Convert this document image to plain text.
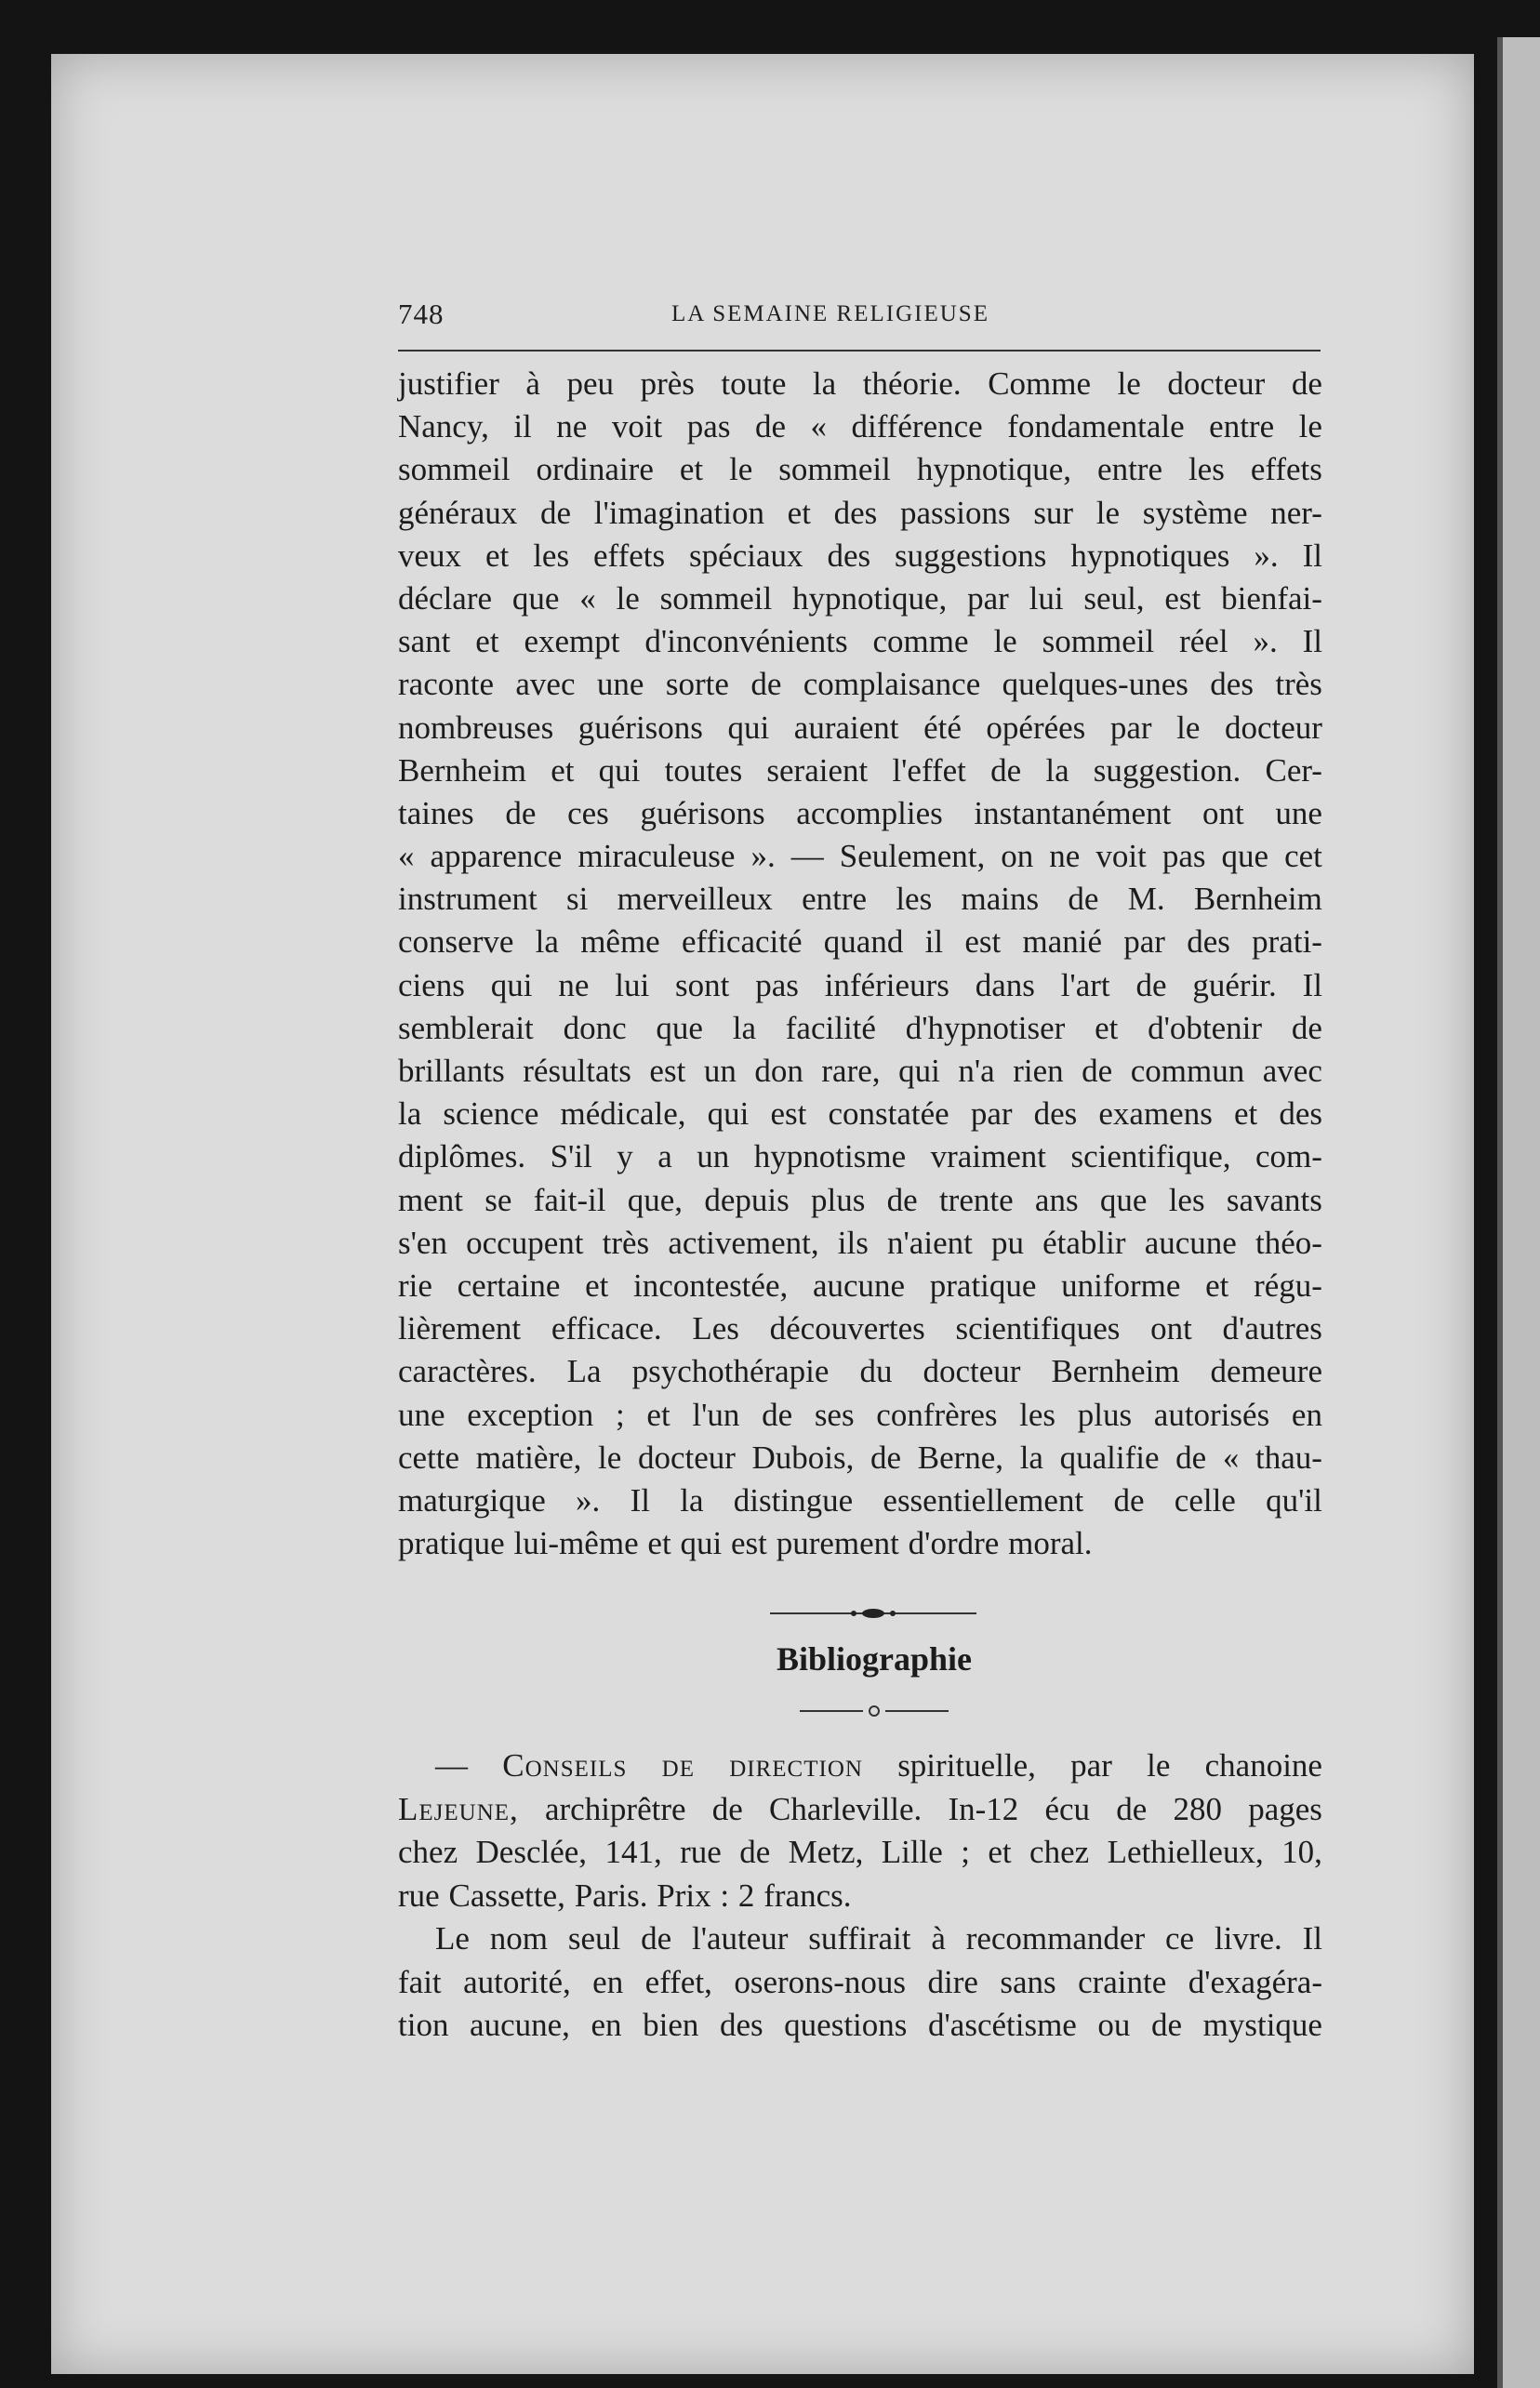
748	LA SEMAINE RELIGIEUSE
justifier à peu près toute la théorie. Comme le docteur de
Nancy, il ne voit pas de « différence fondamentale entre le
sommeil ordinaire et le sommeil hypnotique, entre les effets
généraux de l'imagination et des passions sur le système ner-
veux et les effets spéciaux des suggestions hypnotiques ». Il
déclare que « le sommeil hypnotique, par lui seul, est bienfai-
sant et exempt d'inconvénients comme le sommeil réel ». Il
raconte avec une sorte de complaisance quelques-unes des très
nombreuses guérisons qui auraient été opérées par le docteur
Bernheim et qui toutes seraient l'effet de la suggestion. Cer-
taines de ces guérisons accomplies instantanément ont une
« apparence miraculeuse ». — Seulement, on ne voit pas que cet
instrument si merveilleux entre les mains de M. Bernheim
conserve la même efficacité quand il est manié par des prati-
ciens qui ne lui sont pas inférieurs dans l'art de guérir. Il
semblerait donc que la facilité d'hypnotiser et d'obtenir de
brillants résultats est un don rare, qui n'a rien de commun avec
la science médicale, qui est constatée par des examens et des
diplômes. S'il y a un hypnotisme vraiment scientifique, com-
ment se fait-il que, depuis plus de trente ans que les savants
s'en occupent très activement, ils n'aient pu établir aucune théo-
rie certaine et incontestée, aucune pratique uniforme et régu-
lièrement efficace. Les découvertes scientifiques ont d'autres
caractères. La psychothérapie du docteur Bernheim demeure
une exception ; et l'un de ses confrères les plus autorisés en
cette matière, le docteur Dubois, de Berne, la qualifie de « thau-
maturgique ». Il la distingue essentiellement de celle qu'il
pratique lui-même et qui est purement d'ordre moral.
Bibliographie
— Conseils de direction spirituelle, par le chanoine
Lejeune, archiprêtre de Charleville. In-12 écu de 280 pages
chez Desclée, 141, rue de Metz, Lille ; et chez Lethielleux, 10,
rue Cassette, Paris. Prix : 2 francs.
Le nom seul de l'auteur suffirait à recommander ce livre. Il
fait autorité, en effet, oserons-nous dire sans crainte d'exagéra-
tion aucune, en bien des questions d'ascétisme ou de mystique
